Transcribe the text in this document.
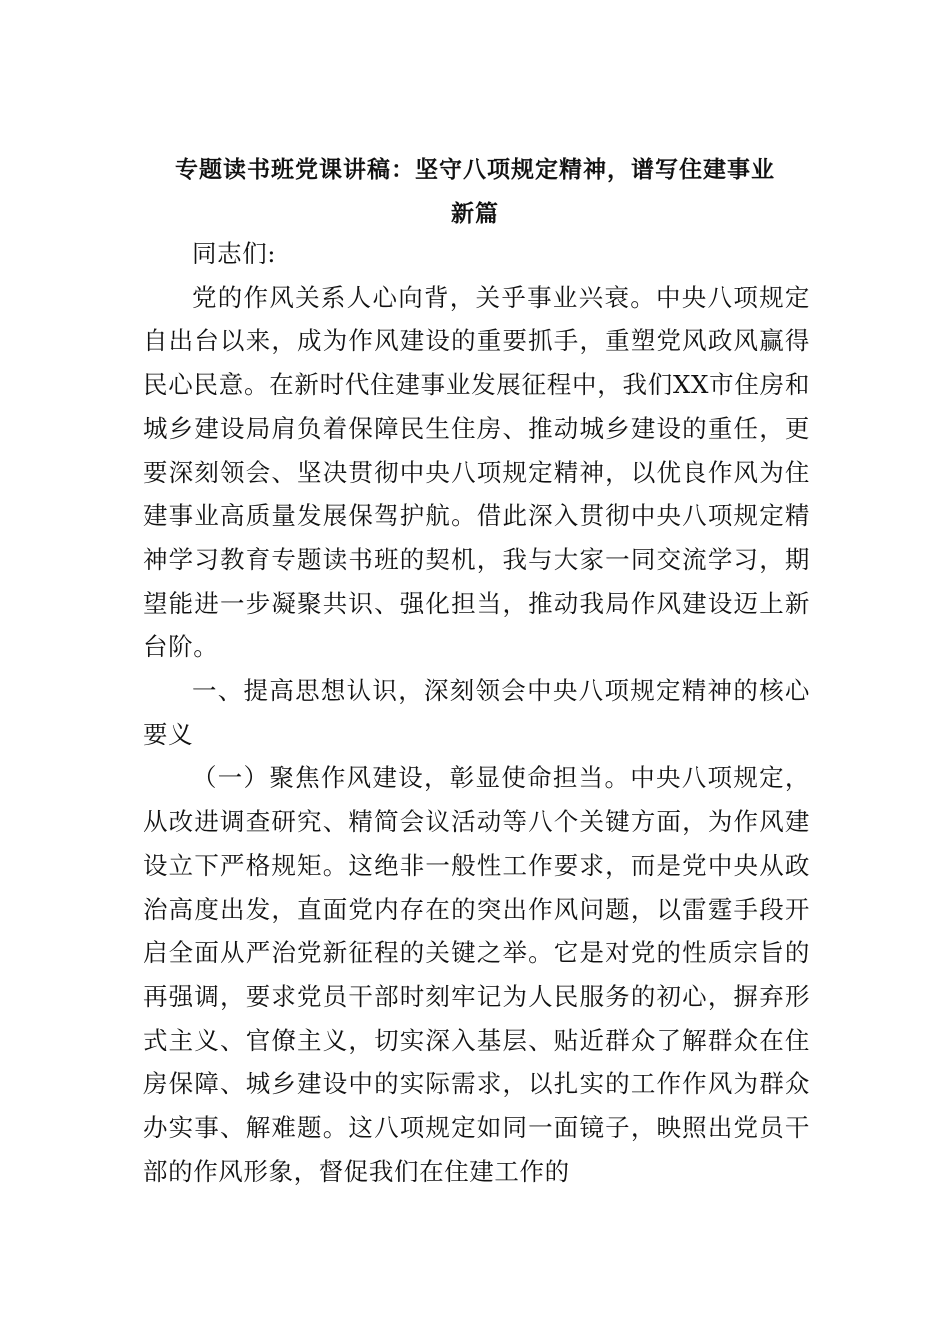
专题读书班党课讲稿：坚守八项规定精神，谱写住建事业
新篇

同志们:

党的作风关系人心向背，关乎事业兴衰。中央八项规定自出台以来，成为作风建设的重要抓手，重塑党风政风赢得民心民意。在新时代住建事业发展征程中，我们XX市住房和城乡建设局肩负着保障民生住房、推动城乡建设的重任，更要深刻领会、坚决贯彻中央八项规定精神，以优良作风为住建事业高质量发展保驾护航。借此深入贯彻中央八项规定精神学习教育专题读书班的契机，我与大家一同交流学习，期望能进一步凝聚共识、强化担当，推动我局作风建设迈上新台阶。

一、提高思想认识，深刻领会中央八项规定精神的核心要义

（一）聚焦作风建设，彰显使命担当。中央八项规定，从改进调查研究、精简会议活动等八个关键方面，为作风建设立下严格规矩。这绝非一般性工作要求，而是党中央从政治高度出发，直面党内存在的突出作风问题，以雷霆手段开启全面从严治党新征程的关键之举。它是对党的性质宗旨的再强调，要求党员干部时刻牢记为人民服务的初心，摒弃形式主义、官僚主义，切实深入基层、贴近群众了解群众在住房保障、城乡建设中的实际需求，以扎实的工作作风为群众办实事、解难题。这八项规定如同一面镜子，映照出党员干部的作风形象，督促我们在住建工作的
